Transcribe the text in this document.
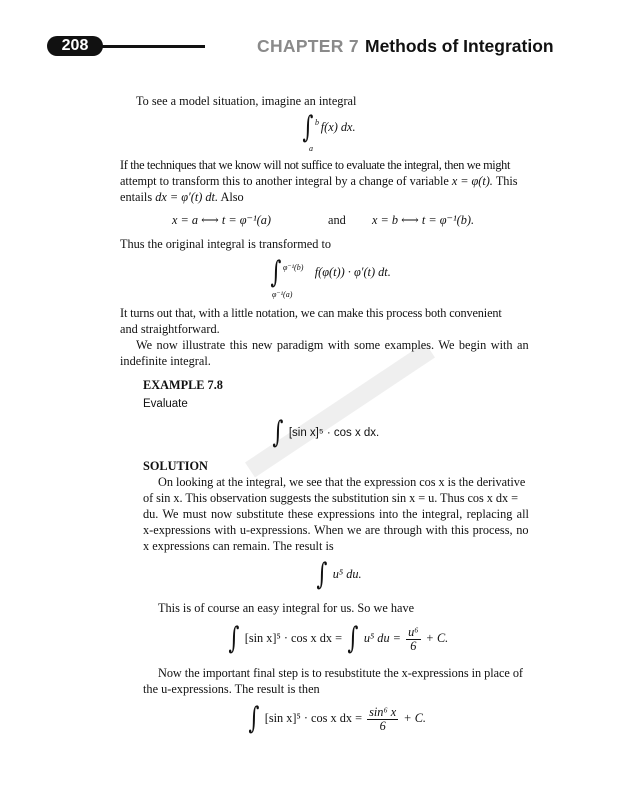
208	CHAPTER 7 Methods of Integration
To see a model situation, imagine an integral
∫ b
a
f(x) dx.
If the techniques that we know will not suffice to evaluate the integral, then we might
attempt to transform this to another integral by a change of variable x = φ(t). This
entails dx = φ′(t) dt. Also
x = a ⟷ t = φ⁻¹(a)	and x = b ⟷ t = φ⁻¹(b).
Thus the original integral is transformed to
∫ φ⁻¹(b)
φ⁻¹(a)
f(φ(t)) · φ′(t) dt.
It turns out that, with a little notation, we can make this process both convenient
and straightforward.
We now illustrate this new paradigm with some examples. We begin with an
indefinite integral.
EXAMPLE 7.8
Evaluate
∫ [sin x]⁵ · cos x dx.
SOLUTION
On looking at the integral, we see that the expression cos x is the derivative
of sin x. This observation suggests the substitution sin x = u. Thus cos x dx =
du. We must now substitute these expressions into the integral, replacing all
x-expressions with u-expressions. When we are through with this process, no
x expressions can remain. The result is
∫ u⁵ du.
This is of course an easy integral for us. So we have
∫ [sin x]⁵ · cos x dx = ∫ u⁵ du = $\frac{\text{u⁶}}{6} + C$.
Now the important final step is to resubstitute the x-expressions in place of
the u-expressions. The result is then
∫ [sin x]⁵ · cos x dx = $\frac{\text{sin⁶ x}}{6} + C$.
